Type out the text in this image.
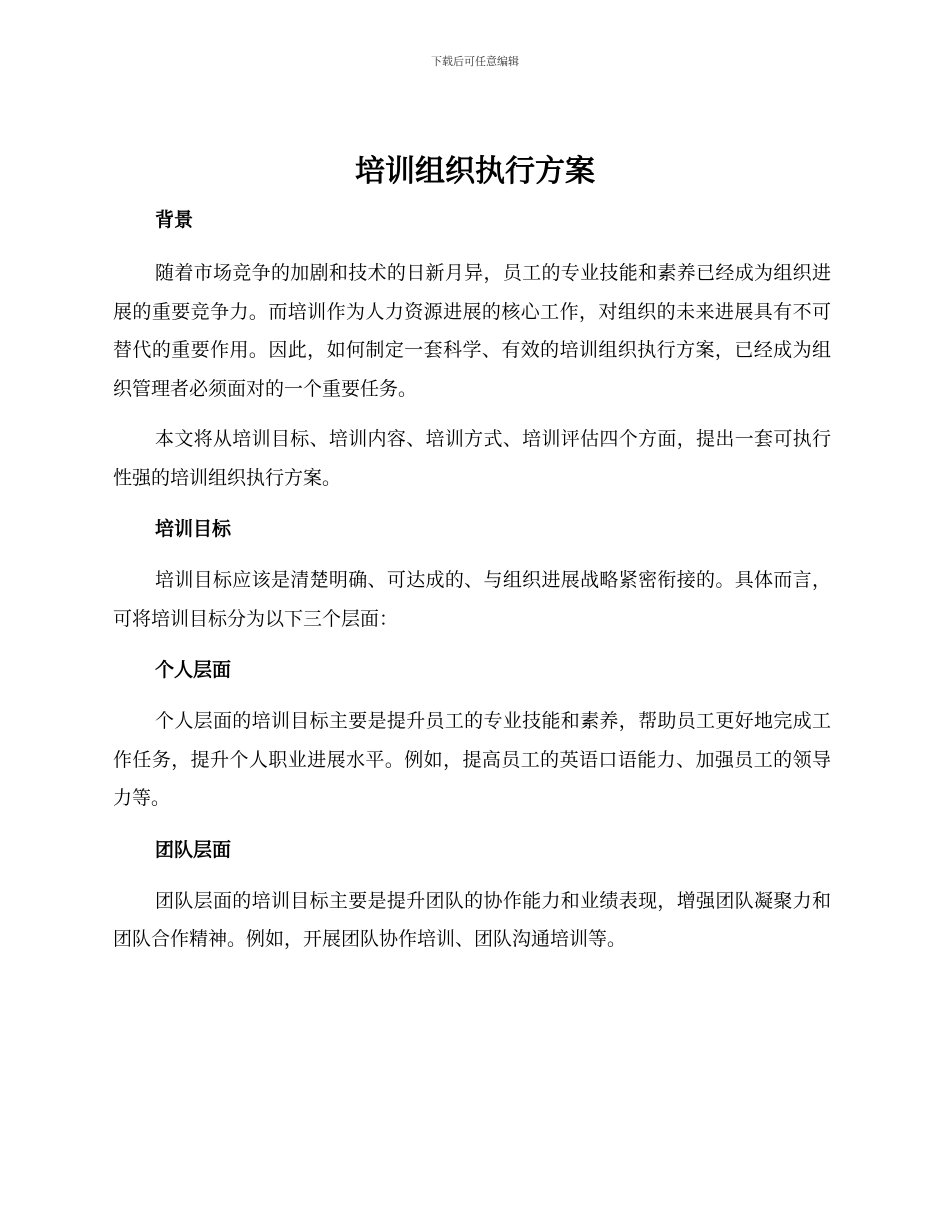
下载后可任意编辑
培训组织执行方案
背景

随着市场竞争的加剧和技术的日新月异，员工的专业技能和素养已经成为组织进展的重要竞争力。而培训作为人力资源进展的核心工作，对组织的未来进展具有不可替代的重要作用。因此，如何制定一套科学、有效的培训组织执行方案，已经成为组织管理者必须面对的一个重要任务。

本文将从培训目标、培训内容、培训方式、培训评估四个方面，提出一套可执行性强的培训组织执行方案。

培训目标

培训目标应该是清楚明确、可达成的、与组织进展战略紧密衔接的。具体而言，可将培训目标分为以下三个层面：

个人层面

个人层面的培训目标主要是提升员工的专业技能和素养，帮助员工更好地完成工作任务，提升个人职业进展水平。例如，提高员工的英语口语能力、加强员工的领导力等。

团队层面

团队层面的培训目标主要是提升团队的协作能力和业绩表现，增强团队凝聚力和团队合作精神。例如，开展团队协作培训、团队沟通培训等。
